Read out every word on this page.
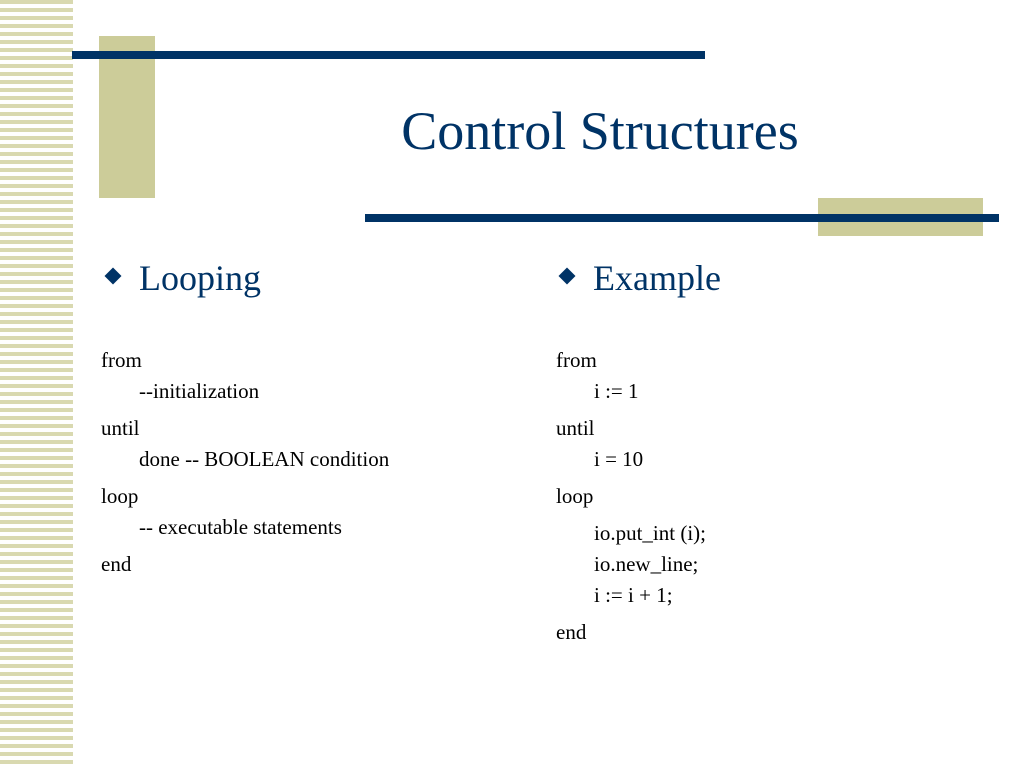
Control Structures
Looping	Example
from
--initialization
until
done -- BOOLEAN condition
loop
-- executable statements
end
from
i := 1
until
i = 10
loop
io.put_int (i);
io.new_line;
i := i + 1;
end
